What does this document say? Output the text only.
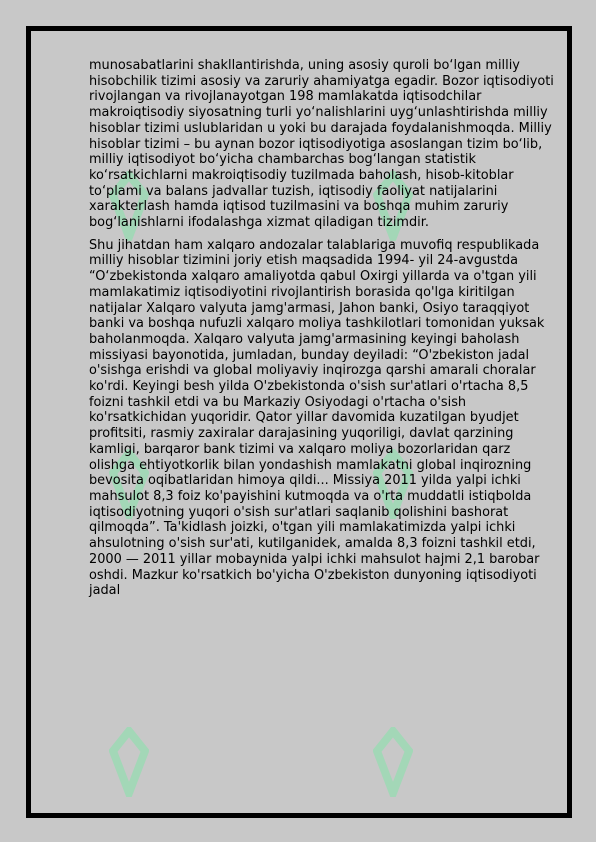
munosabatlarini shakllantirishda, uning asosiy quroli bo‘lgan milliy hisobchilik tizimi asosiy va zaruriy ahamiyatga egadir. Bozor iqtisodiyoti rivojlangan va rivojlanayotgan 198 mamlakatda iqtisodchilar makroiqtisodiy siyosatning turli yo‘nalishlarini uyg‘unlashtirishda milliy hisoblar tizimi uslublaridan u yoki bu darajada foydalanishmoqda. Milliy hisoblar tizimi – bu aynan bozor iqtisodiyotiga asoslangan tizim bo‘lib, milliy iqtisodiyot bo‘yicha chambarchas bog‘langan statistik ko‘rsatkichlarni makroiqtisodiy tuzilmada baholash, hisob-kitoblar to‘plami va balans jadvallar tuzish, iqtisodiy faoliyat natijalarini xarakterlash hamda iqtisod tuzilmasini va boshqa muhim zaruriy bog‘lanishlarni ifodalashga xizmat qiladigan tizimdir.

Shu jihatdan ham xalqaro andozalar talablariga muvofiq respublikada milliy hisoblar tizimini joriy etish maqsadida 1994- yil 24-avgustda “O‘zbekistonda xalqaro amaliyotda qabul Oxirgi yillarda va o'tgan yili mamlakatimiz iqtisodiyotini rivojlantirish borasida qo'lga kiritilgan natijalar Xalqaro valyuta jamg'armasi, Jahon banki, Osiyo taraqqiyot banki va boshqa nufuzli xalqaro moliya tashkilotlari tomonidan yuksak baholanmoqda. Xalqaro valyuta jamg'armasining keyingi baholash missiyasi bayonotida, jumladan, bunday deyiladi: “O'zbekiston jadal o'sishga erishdi va global moliyaviy inqirozga qarshi amarali choralar ko'rdi. Keyingi besh yilda O'zbekistonda o'sish sur'atlari o'rtacha 8,5 foizni tashkil etdi va bu Markaziy Osiyodagi o'rtacha o'sish ko'rsatkichidan yuqoridir. Qator yillar davomida kuzatilgan byudjet profitsiti, rasmiy zaxiralar darajasining yuqoriligi, davlat qarzining kamligi, barqaror bank tizimi va xalqaro moliya bozorlaridan qarz olishga ehtiyotkorlik bilan yondashish mamlakatni global inqirozning bevosita oqibatlaridan himoya qildi... Missiya 2011 yilda yalpi ichki mahsulot 8,3 foiz ko'payishini kutmoqda va o'rta muddatli istiqbolda iqtisodiyotning yuqori o'sish sur'atlari saqlanib qolishini bashorat qilmoqda”. Ta'kidlash joizki, o'tgan yili mamlakatimizda yalpi ichki ahsulotning o'sish sur'ati, kutilganidek, amalda 8,3 foizni tashkil etdi, 2000 — 2011 yillar mobaynida yalpi ichki mahsulot hajmi 2,1 barobar oshdi. Mazkur ko'rsatkich bo'yicha O'zbekiston dunyoning iqtisodiyoti jadal
